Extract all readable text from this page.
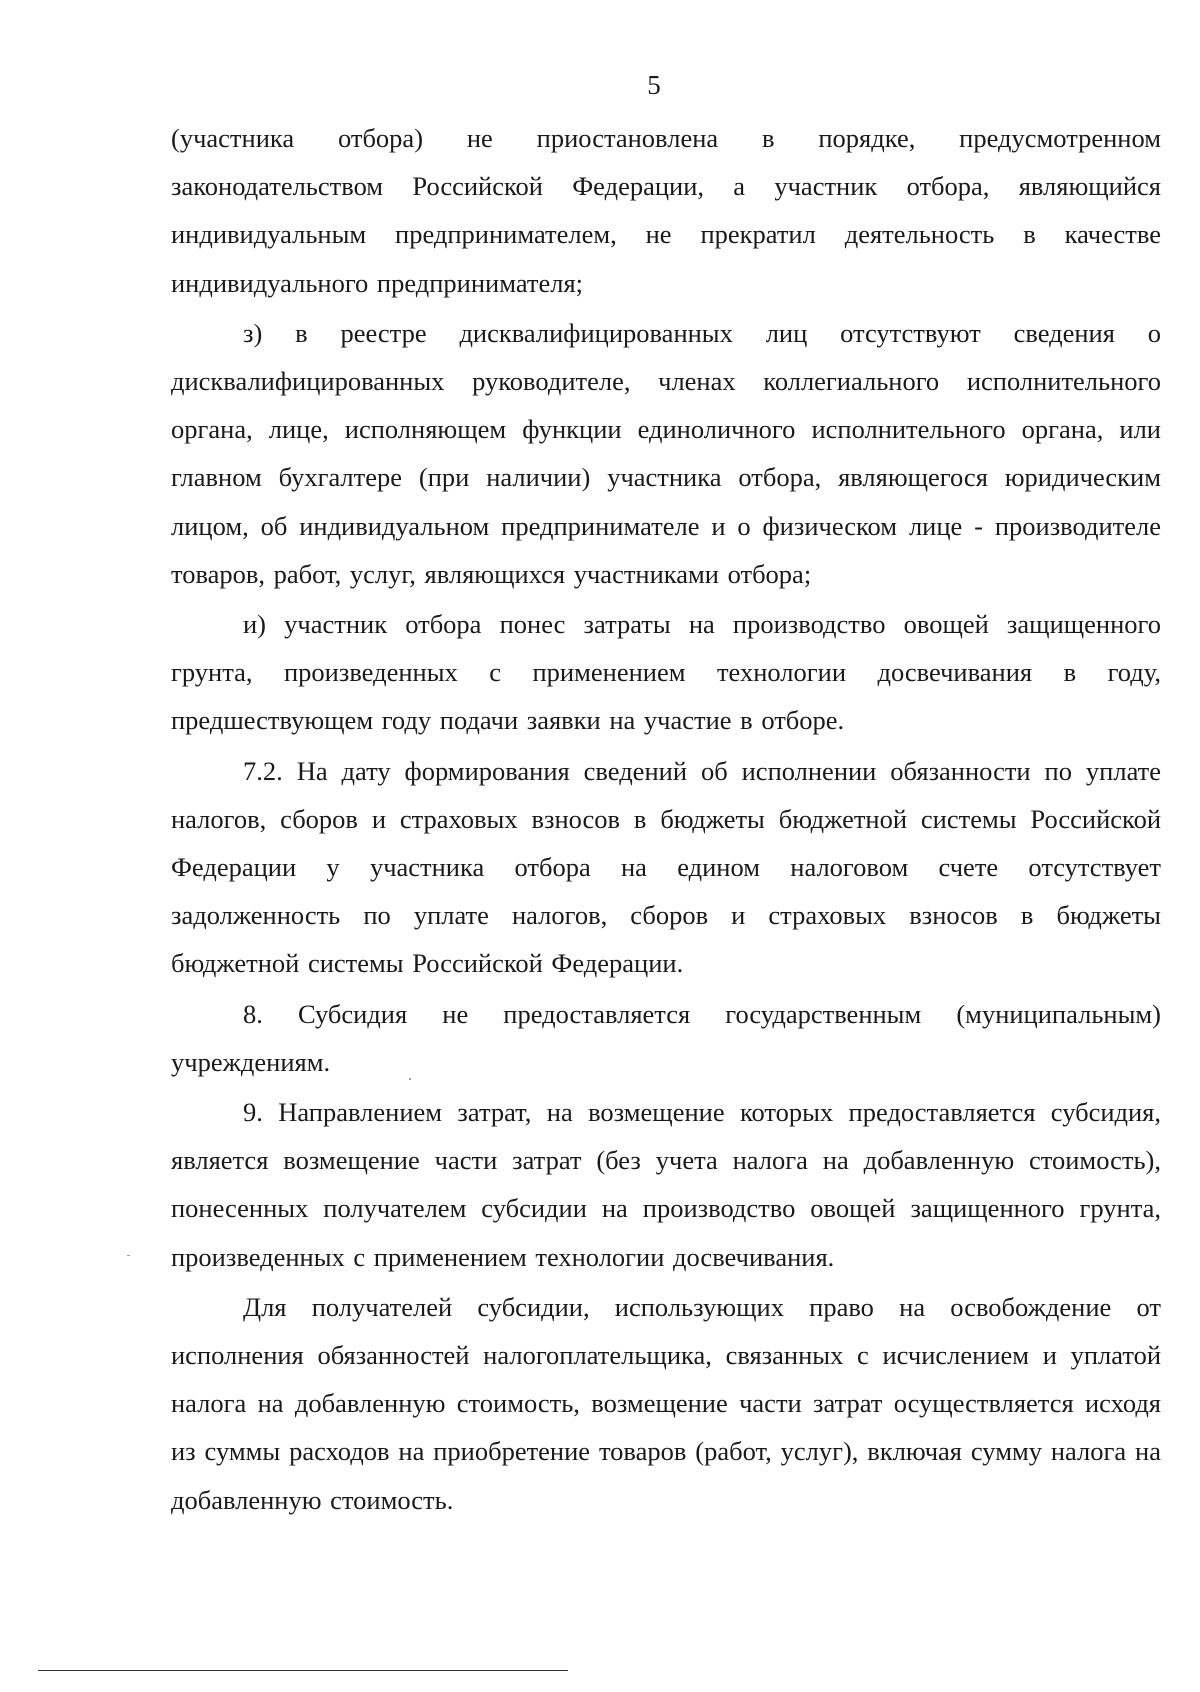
5

(участника отбора) не приостановлена в порядке, предусмотренном законодательством Российской Федерации, а участник отбора, являющийся индивидуальным предпринимателем, не прекратил деятельность в качестве индивидуального предпринимателя;

з) в реестре дисквалифицированных лиц отсутствуют сведения о дисквалифицированных руководителе, членах коллегиального исполнительного органа, лице, исполняющем функции единоличного исполнительного органа, или главном бухгалтере (при наличии) участника отбора, являющегося юридическим лицом, об индивидуальном предпринимателе и о физическом лице - производителе товаров, работ, услуг, являющихся участниками отбора;

и) участник отбора понес затраты на производство овощей защищенного грунта, произведенных с применением технологии досвечивания в году, предшествующем году подачи заявки на участие в отборе.

7.2. На дату формирования сведений об исполнении обязанности по уплате налогов, сборов и страховых взносов в бюджеты бюджетной системы Российской Федерации у участника отбора на едином налоговом счете отсутствует задолженность по уплате налогов, сборов и страховых взносов в бюджеты бюджетной системы Российской Федерации.

8. Субсидия не предоставляется государственным (муниципальным) учреждениям.

9. Направлением затрат, на возмещение которых предоставляется субсидия, является возмещение части затрат (без учета налога на добавленную стоимость), понесенных получателем субсидии на производство овощей защищенного грунта, произведенных с применением технологии досвечивания.

Для получателей субсидии, использующих право на освобождение от исполнения обязанностей налогоплательщика, связанных с исчислением и уплатой налога на добавленную стоимость, возмещение части затрат осуществляется исходя из суммы расходов на приобретение товаров (работ, услуг), включая сумму налога на добавленную стоимость.
